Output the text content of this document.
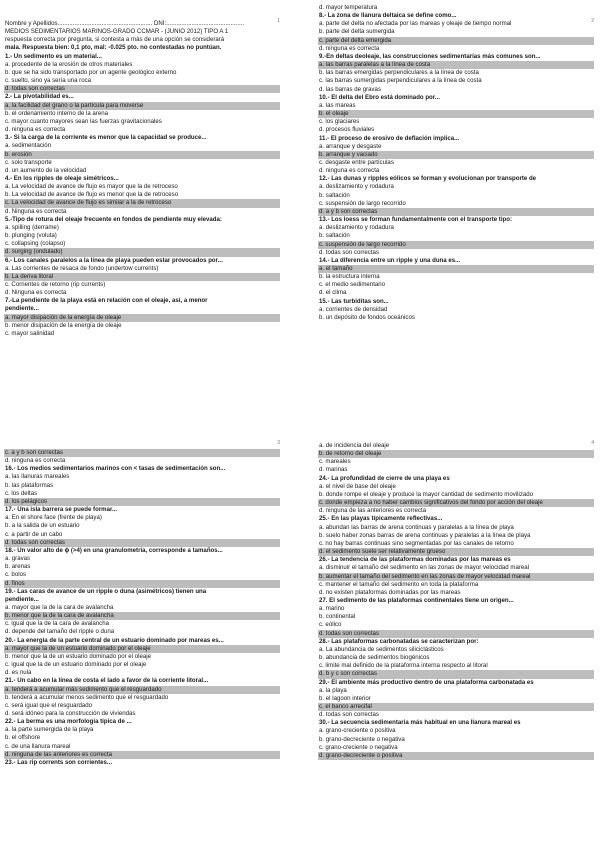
1
Nombre y Apellidos........................................................ DNI:..............................................
MEDIOS SEDIMENTARIOS MARINOS-GRADO CCMAR - (JUNIO 2012) TIPO A 1
respuesta correcta por pregunta, si contesta a más de una opción se considerará
mala. Respuesta bien: 0,1 pto, mal: -0.025 pto. no contestadas no puntúan.
1.- Un sedimento es un material...
a. procedente de la erosión de otros materiales
b. que se ha sido transportado por un agente geológico externo
c. suelto, sino ya sería una roca
d. todas son correctas
2.- La pivotabilidad es...
a. la facilidad del grano o la partícula para moverse
b. el ordenamiento interno de la arena
c. mayor cuanto mayores sean las fuerzas gravitacionales
d. ninguna es correcta
3.- Si la carga de la corriente es menor que la capacidad se produce...
a. sedimentación
b. erosión
c. solo transporte
d. un aumento de la velocidad
4.- En los ripples de oleaje simétricos...
a. La velocidad de avance de flujo es mayor que la de retroceso
b. La velocidad de avance de flujo es menor que la de retroceso
c. La velocidad de avance de flujo es similar a la de retroceso
d. Ninguna es correcta
5.-Tipo de rotura del oleaje frecuente en fondos de pendiente muy elevada:
a. spilling (derrame)
b. plunging (voluta)
c. collapsing (colapso)
d. surging (ondulado)
6.- Los canales paralelos a la línea de playa pueden estar provocados por...
a. Las corrientes de resaca de fondo (undertow currents)
b. La deriva litoral
c. Corrientes de retorno (rip currents)
d. Ninguna es correcta
7.-La pendiente de la playa está en relación con el oleaje, así, a menor
pendiente...
a. mayor disipación de la energía de oleaje
b. menor disipación de la energía de oleaje
c. mayor salinidad
2
d. mayor temperatura
8.- La zona de llanura deltaica se define como...
a. parte del delta no afectada por las mareas y oleaje de tiempo normal
b. parte del delta sumergida
c. parte del delta emergida
d. ninguna es correcta
9.-En deltas deoleaje, las construcciones sedimentarias más comunes son...
a. las barras paralelas a la línea de costa
b. las barras emergidas perpendiculares a la línea de costa
c. las barras sumergidas perpendiculares a la línea de costa
d. las barras de gravas
10.- El delta del Ebro está dominado por...
a. las mareas
b. el oleaje
c. los glaciares
d. procesos fluviales
11.- El proceso de erosivo de deflación implica...
a. arranque y desgaste
b. arranque y vaciado
c. desgaste entre partículas
d. ninguna es correcta
12.- Las dunas y ripples eólicos se forman y evolucionan por transporte de
a. deslizamiento y rodadura
b. saltación
c. suspensión de largo recorrido
d. a y b son correctas
13.- Los loess se forman fundamentalmente con el transporte tipo:
a. deslizamiento y rodadura
b. saltación
c. suspensión de largo recorrido
d. todas son correctas
14.- La diferencia entre un ripple y una duna es...
a. el tamaño
b. la estructura interna
c. el medio sedimentario
d. el clima
15.- Las turbiditas son...
a. corrientes de densidad
b. un depósito de fondos oceánicos
3
c. a y b son correctas
d. ninguna es correcta
16.- Los medios sedimentarios marinos con < tasas de sedimentación son...
a. las llanuras mareales
b. las plataformas
c. los deltas
d. los pelágicos
17.- Una isla barrera se puede formar...
a. En el shore face (frente de playa)
b. a la salida de un estuario
c. a partir de un cabo
d. todas son correctas
18.- Un valor alto de ϕ (>4) en una granulometría, corresponde a tamaños...
a. gravas
b. arenas
c. bolos
d. finos
19.- Las caras de avance de un ripple o duna (asimétricos) tienen una
pendiente...
a. mayor que la de la cara de avalancha
b. menor que la de la cara de avalancha
c. igual que la de la cara de avalancha
d. depende del tamaño del ripple o duna
20.- La energía de la parte central de un estuario dominado por mareas es...
a. mayor que la de un estuario dominado por el oleaje
b. menor que la de un estuario dominado por el oleaje
c. igual que la de un estuario dominado por el oleaje
d. es nula
21.- Un cabo en la línea de costa el lado a favor de la corriente litoral...
a. tenderá a acumular más sedimento que el resguardado
b. tenderá a acumular menos sedimento que el resguardado
c. será igual que el resguardado
d. será idóneo para la construcción de viviendas
22.- La berma es una morfología típica de ...
a. la parte sumergida de la playa
b. el offshore
c. de una llanura mareal
d. ninguna de las anteriores es correcta
23.- Las rip corrents son corrientes...
4
a. de incidencia del oleaje
b. de retorno del oleaje
c. mareales
d. marinas
24.- La profundidad de cierre de una playa es
a. el nivel de base del oleaje
b. donde rompe el oleaje y produce la mayor cantidad de sedimento movilizado
c. donde empieza a no haber cambios significativos del fondo por acción del oleaje
d. ninguna de las anteriores es correcta
25.- En las playas típicamente reflectivas...
a. abundan las barras de arena continuas y paralelas a la línea de playa
b. suelo haber zonas barras de arena continuas y paralelas a la línea de playa
c. no hay barras continuas sino segmentadas por las canales de retorno
d. el sedimento suele ser relativamente grueso
26.- La tendencia de las plataformas dominadas por las mareas es
a. disminuir el tamaño del sedimento en las zonas de mayor velocidad mareal
b. aumentar el tamaño del sedimento en las zonas de mayor velocidad mareal
c. mantener el tamaño del sedimento en toda la plataforma
d. no existen plataformas dominadas por las mareas
27. El sedimento de las plataformas continentales tiene un origen...
a. marino
b. continental
c. eólico
d. todas son correctas
28.- Las plataformas carbonatadas se caracterizan por:
a. La abundancia de sedimentos siliciclásticos
b. abundancia de sedimentos biogénicos
c. limite mal definido de la plataforma interna respecto al litoral
d. b y c son correctas
29.- El ambiente más productivo dentro de una plataforma carbonatada es
a. la playa
b. el lagoon interior
c. el banco arrecifal
d. todas son correctas
30.- La secuencia sedimentaria más habitual en una llanura mareal es
a. grano-creciente o positiva
b. grano-decreciente o negativa
c. grano-creciente o negativa
d. grano-decreciente o positiva
